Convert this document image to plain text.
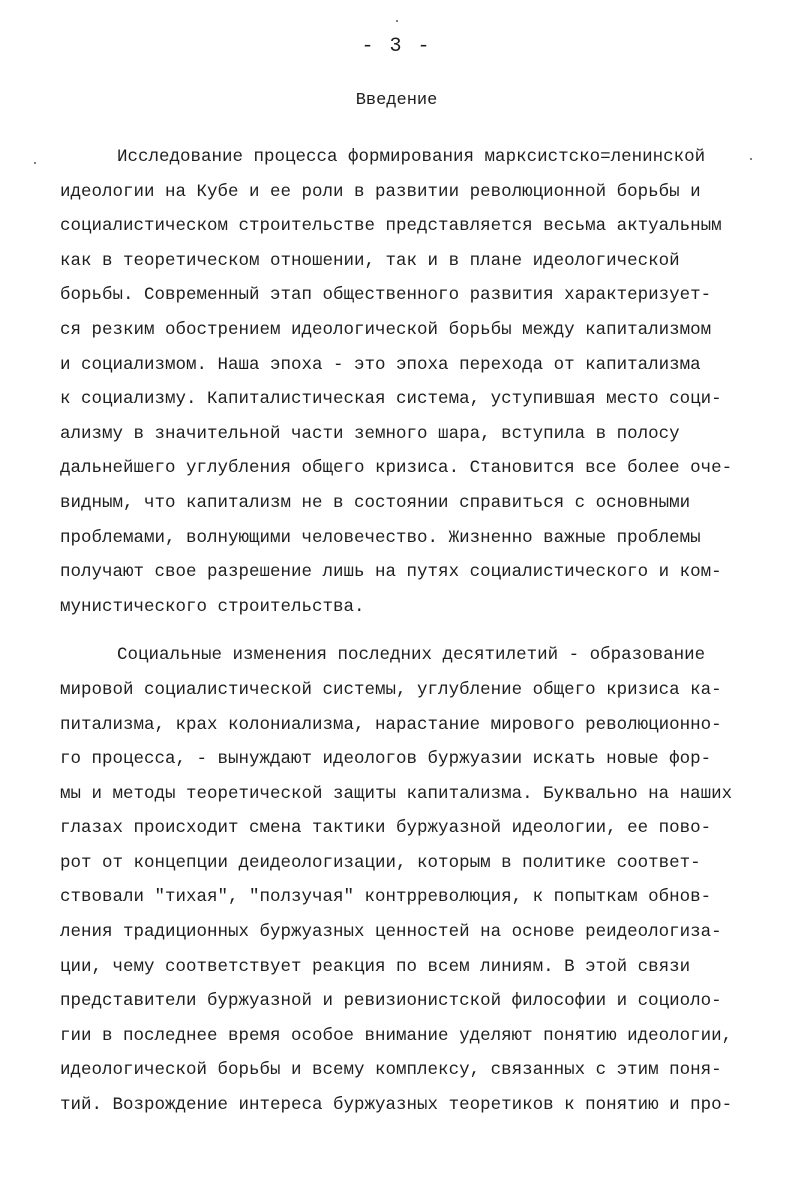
- 3 -
Введение
Исследование процесса формирования марксистско=ленинской
идеологии на Кубе и ее роли в развитии революционной борьбы и
социалистическом строительстве представляется весьма актуальным
как в теоретическом отношении, так и в плане идеологической
борьбы. Современный этап общественного развития характеризует-
ся резким обострением идеологической борьбы между капитализмом
и социализмом. Наша эпоха - это эпоха перехода от капитализма
к социализму. Капиталистическая система, уступившая место соци-
ализму в значительной части земного шара, вступила в полосу
дальнейшего углубления общего кризиса. Становится все более оче-
видным, что капитализм не в состоянии справиться с основными
проблемами, волнующими человечество. Жизненно важные проблемы
получают свое разрешение лишь на путях социалистического и ком-
мунистического строительства.
Социальные изменения последних десятилетий - образование
мировой социалистической системы, углубление общего кризиса ка-
питализма, крах колониализма, нарастание мирового революционно-
го процесса, - вынуждают идеологов буржуазии искать новые фор-
мы и методы теоретической защиты капитализма. Буквально на наших
глазах происходит смена тактики буржуазной идеологии, ее пово-
рот от концепции деидеологизации, которым в политике соответ-
ствовали "тихая", "ползучая" контрреволюция, к попыткам обнов-
ления традиционных буржуазных ценностей на основе реидеологиза-
ции, чему соответствует реакция по всем линиям. В этой связи
представители буржуазной и ревизионистской философии и социоло-
гии в последнее время особое внимание уделяют понятию идеологии,
идеологической борьбы и всему комплексу, связанных с этим поня-
тий. Возрождение интереса буржуазных теоретиков к понятию и про-
